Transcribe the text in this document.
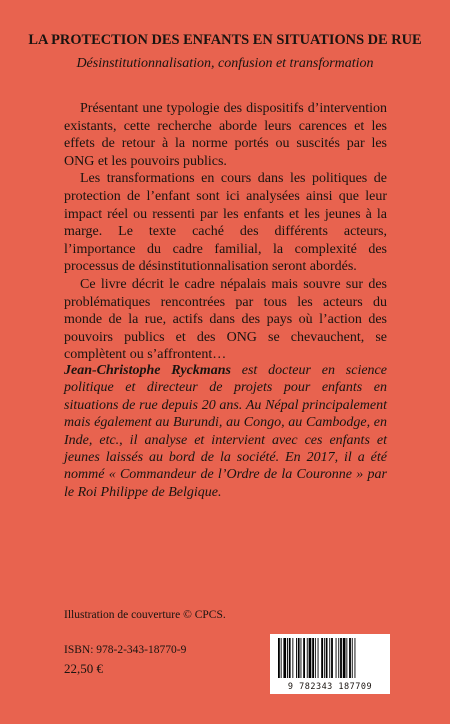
LA PROTECTION DES ENFANTS EN SITUATIONS DE RUE
Désinstitutionnalisation, confusion et transformation

Présentant une typologie des dispositifs d’intervention existants, cette recherche aborde leurs carences et les effets de retour à la norme portés ou suscités par les ONG et les pouvoirs publics.

Les transformations en cours dans les politiques de protection de l’enfant sont ici analysées ainsi que leur impact réel ou ressenti par les enfants et les jeunes à la marge. Le texte caché des différents acteurs, l’importance du cadre familial, la complexité des processus de désinstitutionnalisation seront abordés.

Ce livre décrit le cadre népalais mais souvre sur des problématiques rencontrées par tous les acteurs du monde de la rue, actifs dans des pays où l’action des pouvoirs publics et des ONG se chevauchent, se complètent ou s’affrontent…

Jean-Christophe Ryckmans est docteur en science politique et directeur de projets pour enfants en situations de rue depuis 20 ans. Au Népal principalement mais également au Burundi, au Congo, au Cambodge, en Inde, etc., il analyse et intervient avec ces enfants et jeunes laissés au bord de la société. En 2017, il a été nommé « Commandeur de l’Ordre de la Couronne » par le Roi Philippe de Belgique.
Illustration de couverture © CPCS.
ISBN: 978-2-343-18770-9
22,50 €
9 782343 187709
